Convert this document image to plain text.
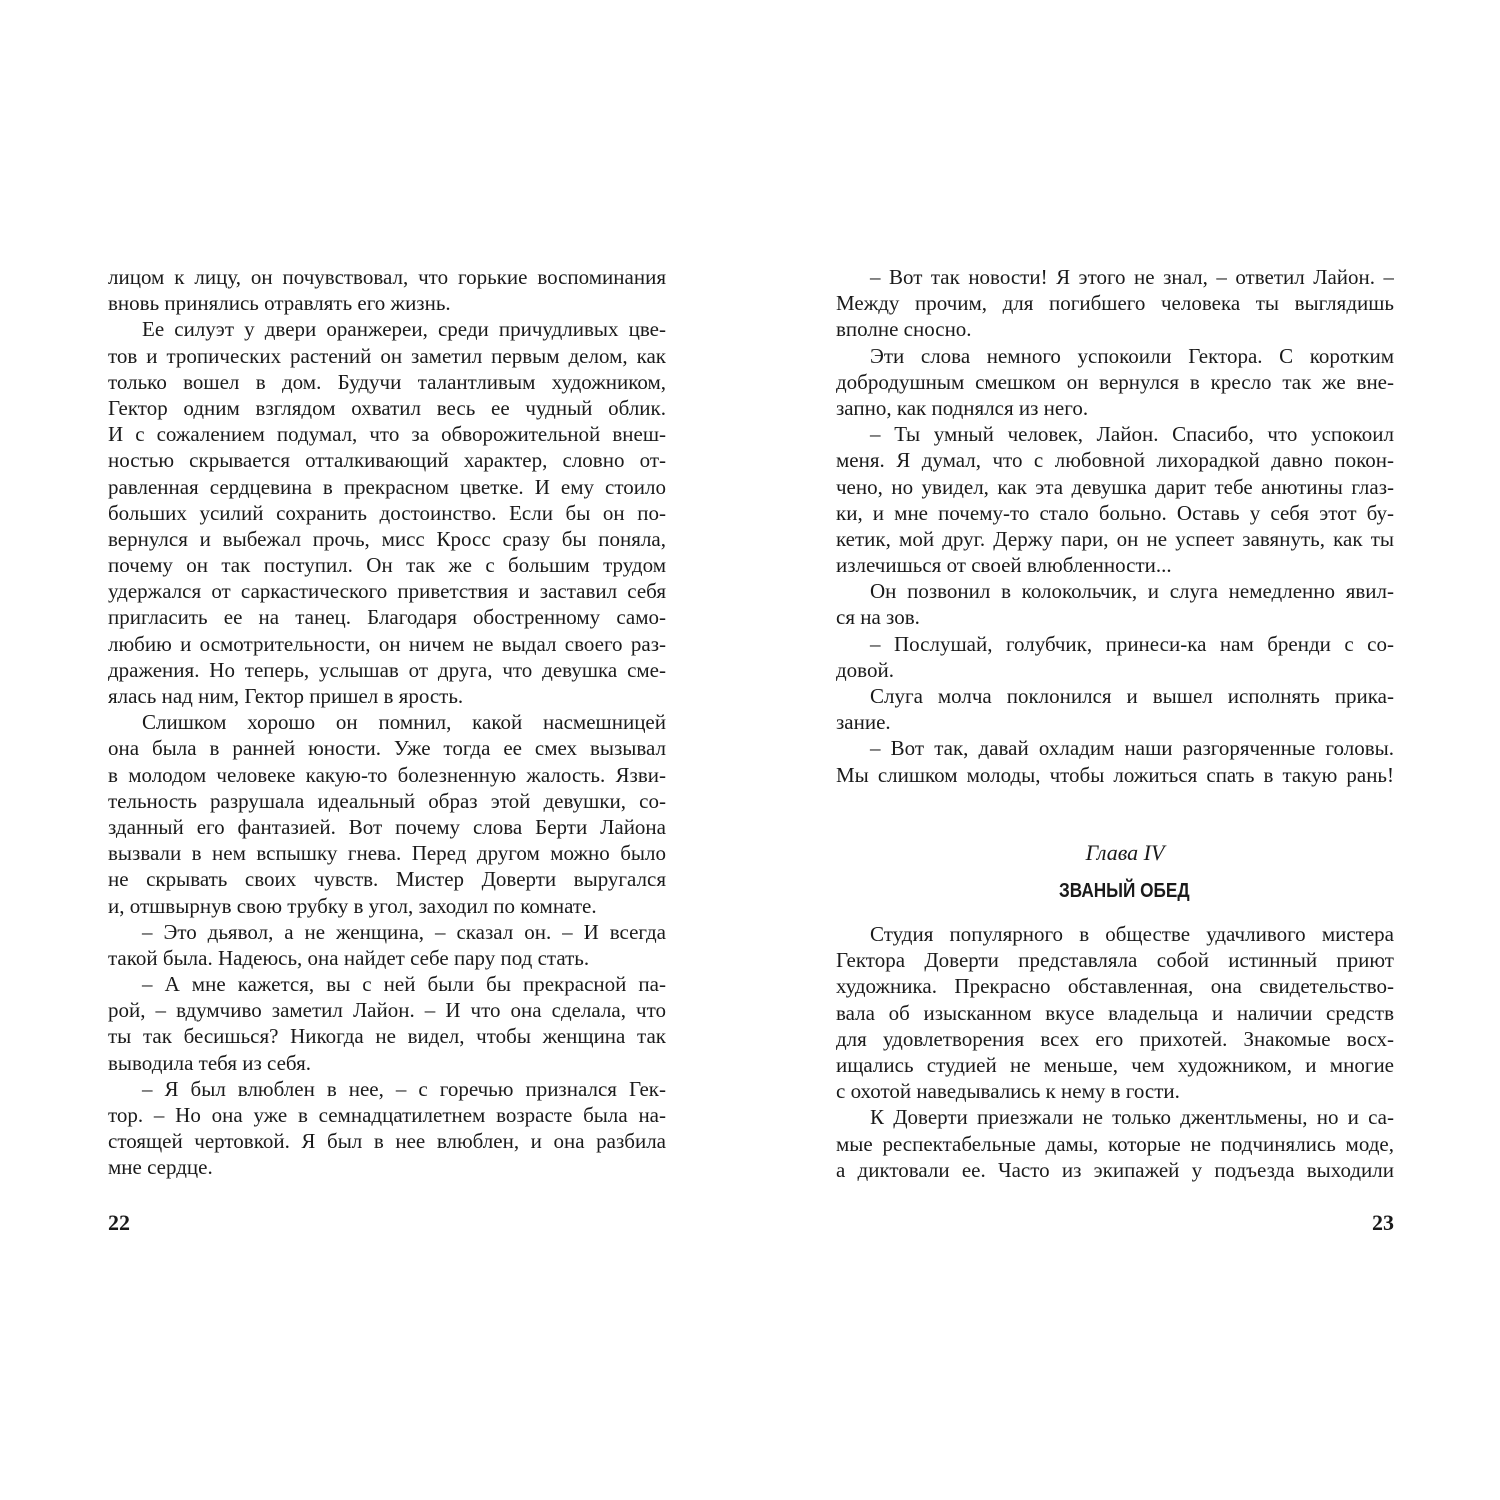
лицом к лицу, он почувствовал, что горькие воспоминания
вновь принялись отравлять его жизнь.
Ее силуэт у двери оранжереи, среди причудливых цве-
тов и тропических растений он заметил первым делом, как
только вошел в дом. Будучи талантливым художником,
Гектор одним взглядом охватил весь ее чудный облик.
И с сожалением подумал, что за обворожительной внеш-
ностью скрывается отталкивающий характер, словно от-
равленная сердцевина в прекрасном цветке. И ему стоило
больших усилий сохранить достоинство. Если бы он по-
вернулся и выбежал прочь, мисс Кросс сразу бы поняла,
почему он так поступил. Он так же с большим трудом
удержался от саркастического приветствия и заставил себя
пригласить ее на танец. Благодаря обостренному само-
любию и осмотрительности, он ничем не выдал своего раз-
дражения. Но теперь, услышав от друга, что девушка сме-
ялась над ним, Гектор пришел в ярость.
Слишком хорошо он помнил, какой насмешницей
она была в ранней юности. Уже тогда ее смех вызывал
в молодом человеке какую-то болезненную жалость. Язви-
тельность разрушала идеальный образ этой девушки, со-
зданный его фантазией. Вот почему слова Берти Лайона
вызвали в нем вспышку гнева. Перед другом можно было
не скрывать своих чувств. Мистер Доверти выругался
и, отшвырнув свою трубку в угол, заходил по комнате.
– Это дьявол, а не женщина, – сказал он. – И всегда
такой была. Надеюсь, она найдет себе пару под стать.
– А мне кажется, вы с ней были бы прекрасной па-
рой, – вдумчиво заметил Лайон. – И что она сделала, что
ты так бесишься? Никогда не видел, чтобы женщина так
выводила тебя из себя.
– Я был влюблен в нее, – с горечью признался Гек-
тор. – Но она уже в семнадцатилетнем возрасте была на-
стоящей чертовкой. Я был в нее влюблен, и она разбила
мне сердце.
22
– Вот так новости! Я этого не знал, – ответил Лайон. –
Между прочим, для погибшего человека ты выглядишь
вполне сносно.
Эти слова немного успокоили Гектора. С коротким
добродушным смешком он вернулся в кресло так же вне-
запно, как поднялся из него.
– Ты умный человек, Лайон. Спасибо, что успокоил
меня. Я думал, что с любовной лихорадкой давно покон-
чено, но увидел, как эта девушка дарит тебе анютины глаз-
ки, и мне почему-то стало больно. Оставь у себя этот бу-
кетик, мой друг. Держу пари, он не успеет завянуть, как ты
излечишься от своей влюбленности...
Он позвонил в колокольчик, и слуга немедленно явил-
ся на зов.
– Послушай, голубчик, принеси-ка нам бренди с со-
довой.
Слуга молча поклонился и вышел исполнять прика-
зание.
– Вот так, давай охладим наши разгоряченные головы.
Мы слишком молоды, чтобы ложиться спать в такую рань!
Глава IV
ЗВАНЫЙ ОБЕД
Студия популярного в обществе удачливого мистера
Гектора Доверти представляла собой истинный приют
художника. Прекрасно обставленная, она свидетельство-
вала об изысканном вкусе владельца и наличии средств
для удовлетворения всех его прихотей. Знакомые восх-
ищались студией не меньше, чем художником, и многие
с охотой наведывались к нему в гости.
К Доверти приезжали не только джентльмены, но и са-
мые респектабельные дамы, которые не подчинялись моде,
а диктовали ее. Часто из экипажей у подъезда выходили
23
